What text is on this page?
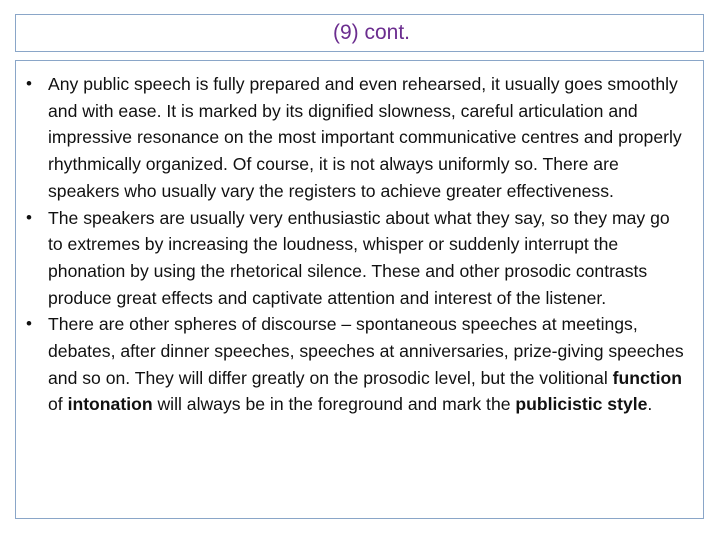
(9) cont.
• Any public speech is fully prepared and even rehearsed, it usually goes smoothly and with ease. It is marked by its dignified slowness, careful articulation and impressive resonance on the most important communicative centres and properly rhythmically organized. Of course, it is not always uniformly so. There are speakers who usually vary the registers to achieve greater effectiveness.
• The speakers are usually very enthusiastic about what they say, so they may go to extremes by increasing the loudness, whisper or suddenly interrupt the phonation by using the rhetorical silence. These and other prosodic contrasts produce great effects and captivate attention and interest of the listener.
• There are other spheres of discourse – spontaneous speeches at meetings, debates, after dinner speeches, speeches at anniversaries, prize-giving speeches and so on. They will differ greatly on the prosodic level, but the volitional function of intonation will always be in the foreground and mark the publicistic style.
